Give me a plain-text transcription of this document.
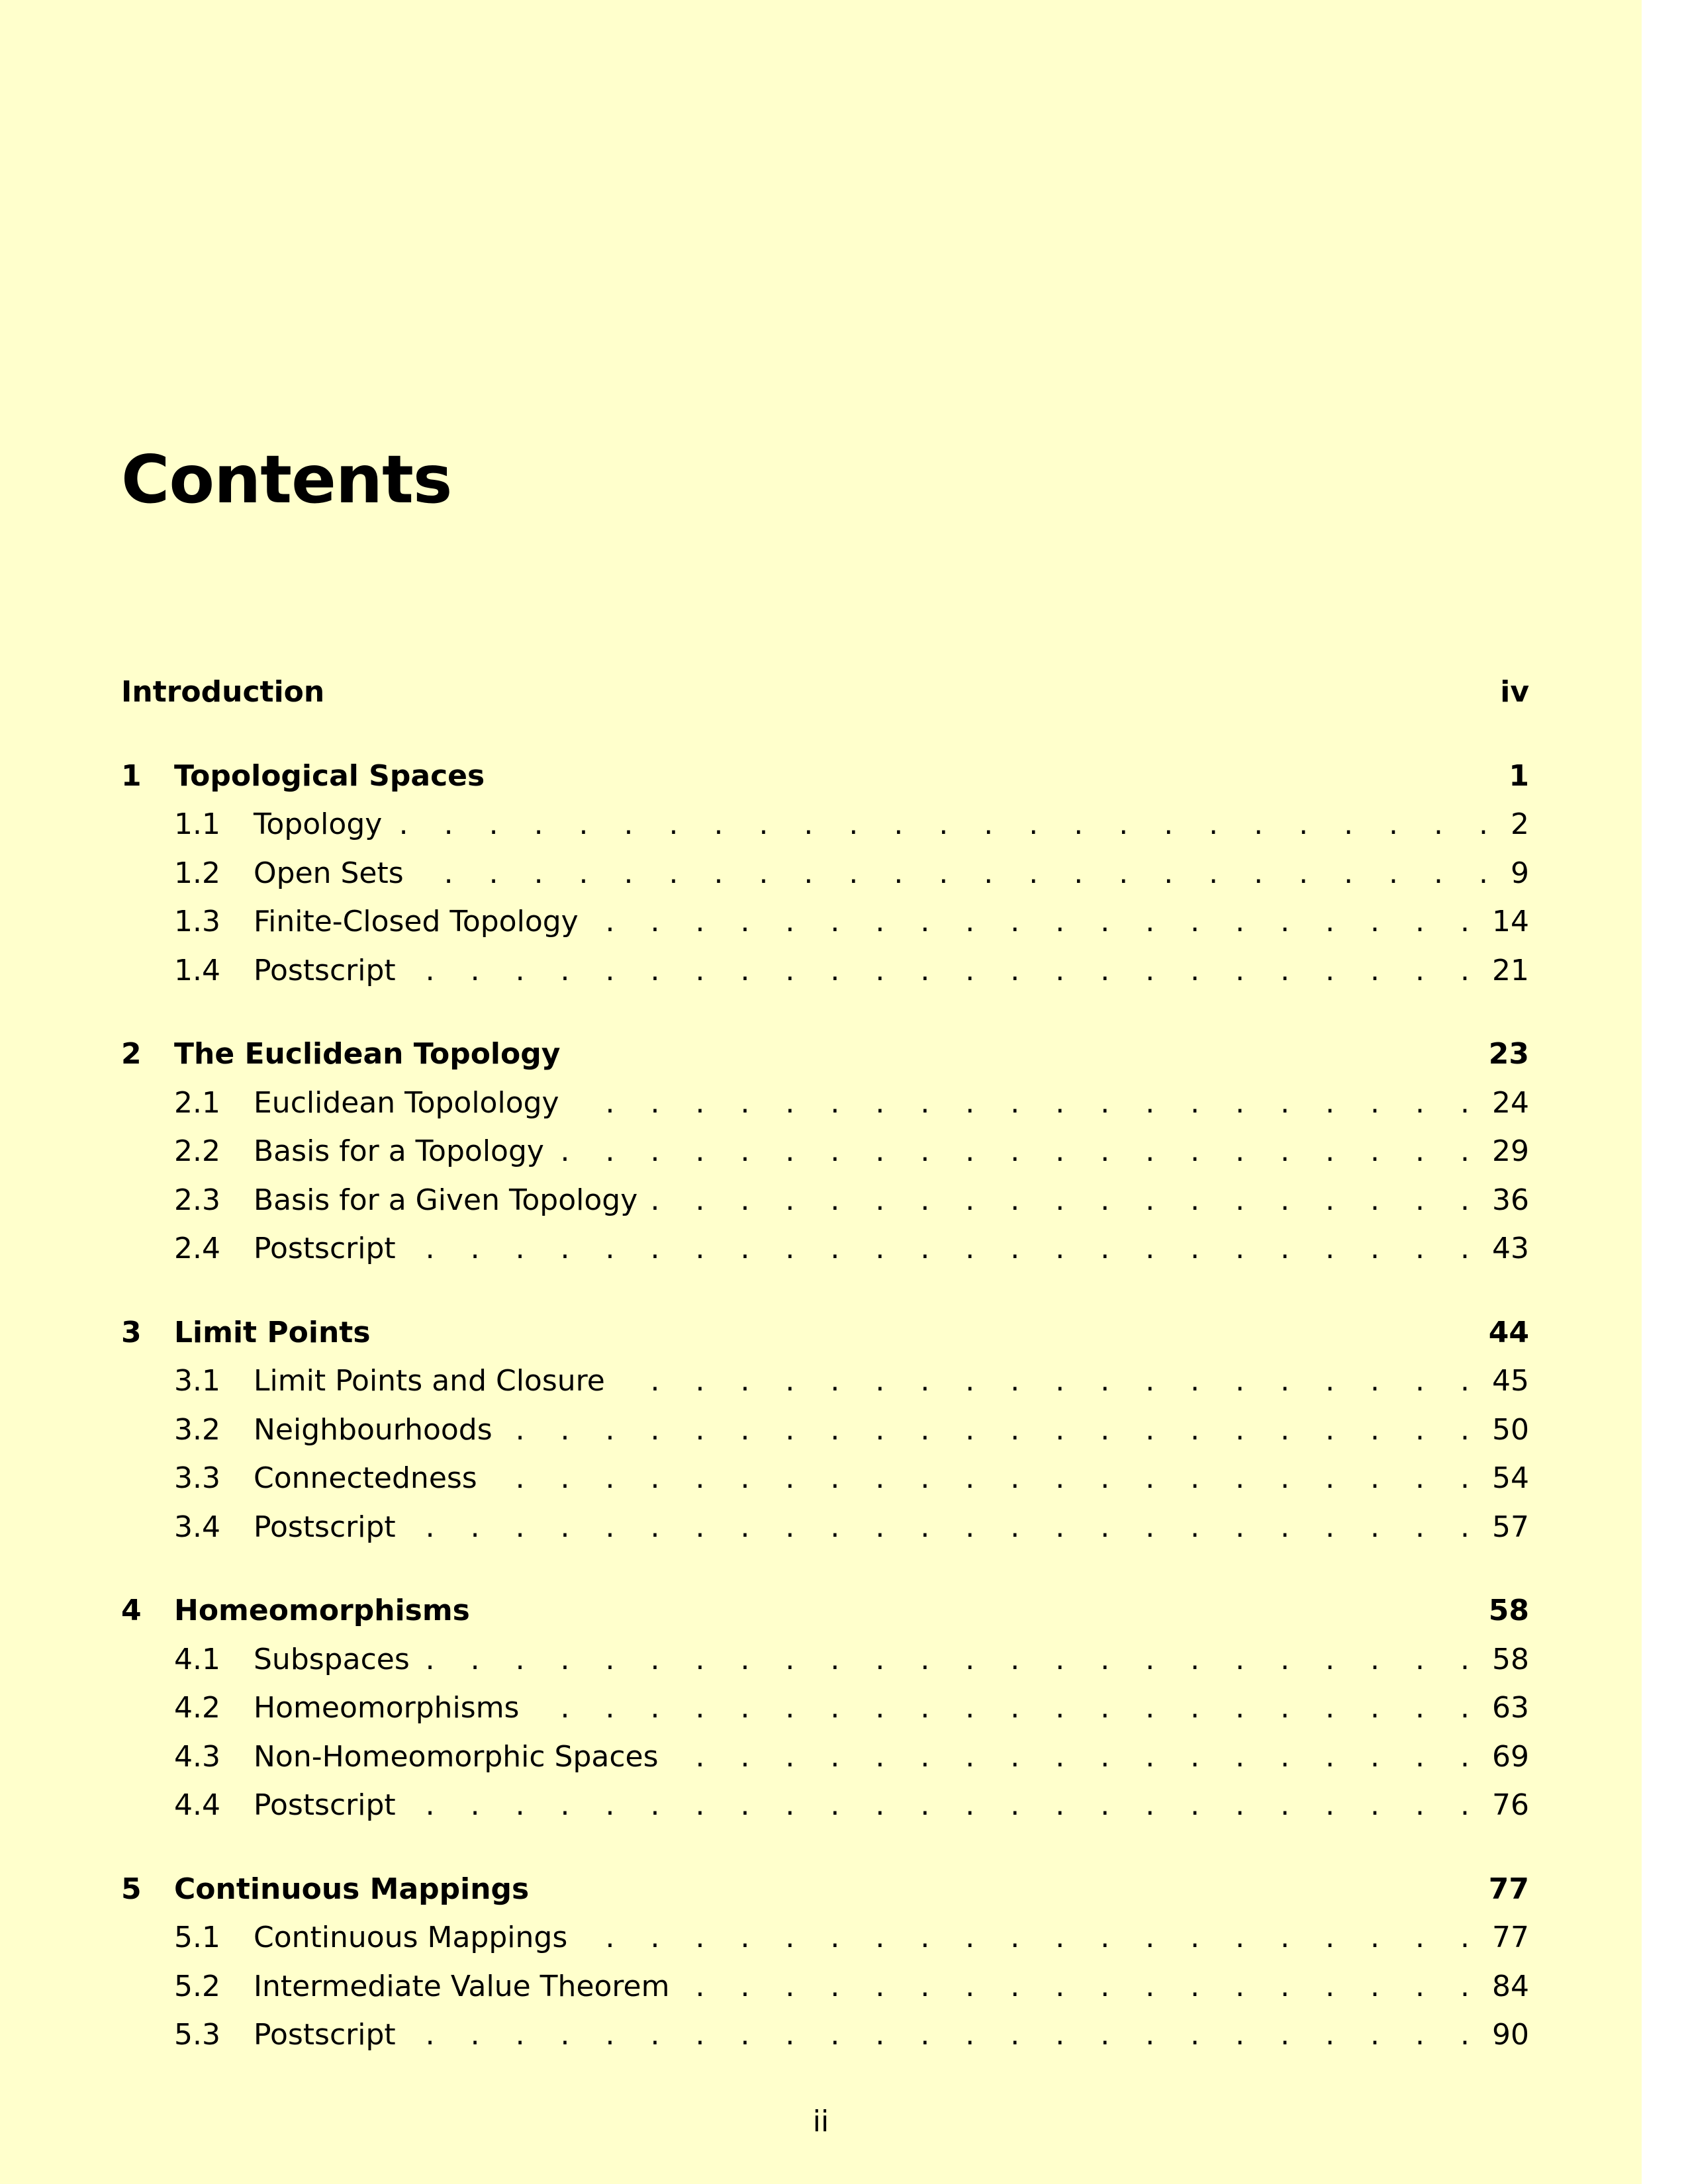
Contents
Introduction	iv
1	Topological Spaces	1
1.1	Topology . . .	2
1.2	Open Sets . . .	9
1.3	Finite-Closed Topology . . .	14
1.4	Postscript . . .	21
2	The Euclidean Topology	23
2.1	Euclidean Topolology . . .	24
2.2	Basis for a Topology . . .	29
2.3	Basis for a Given Topology . . .	36
2.4	Postscript . . .	43
3	Limit Points	44
3.1	Limit Points and Closure . . .	45
3.2	Neighbourhoods . . .	50
3.3	Connectedness . . .	54
3.4	Postscript . . .	57
4	Homeomorphisms	58
4.1	Subspaces . . .	58
4.2	Homeomorphisms . . .	63
4.3	Non-Homeomorphic Spaces . . .	69
4.4	Postscript . . .	76
5	Continuous Mappings	77
5.1	Continuous Mappings . . .	77
5.2	Intermediate Value Theorem . . .	84
5.3	Postscript . . .	90
ii
